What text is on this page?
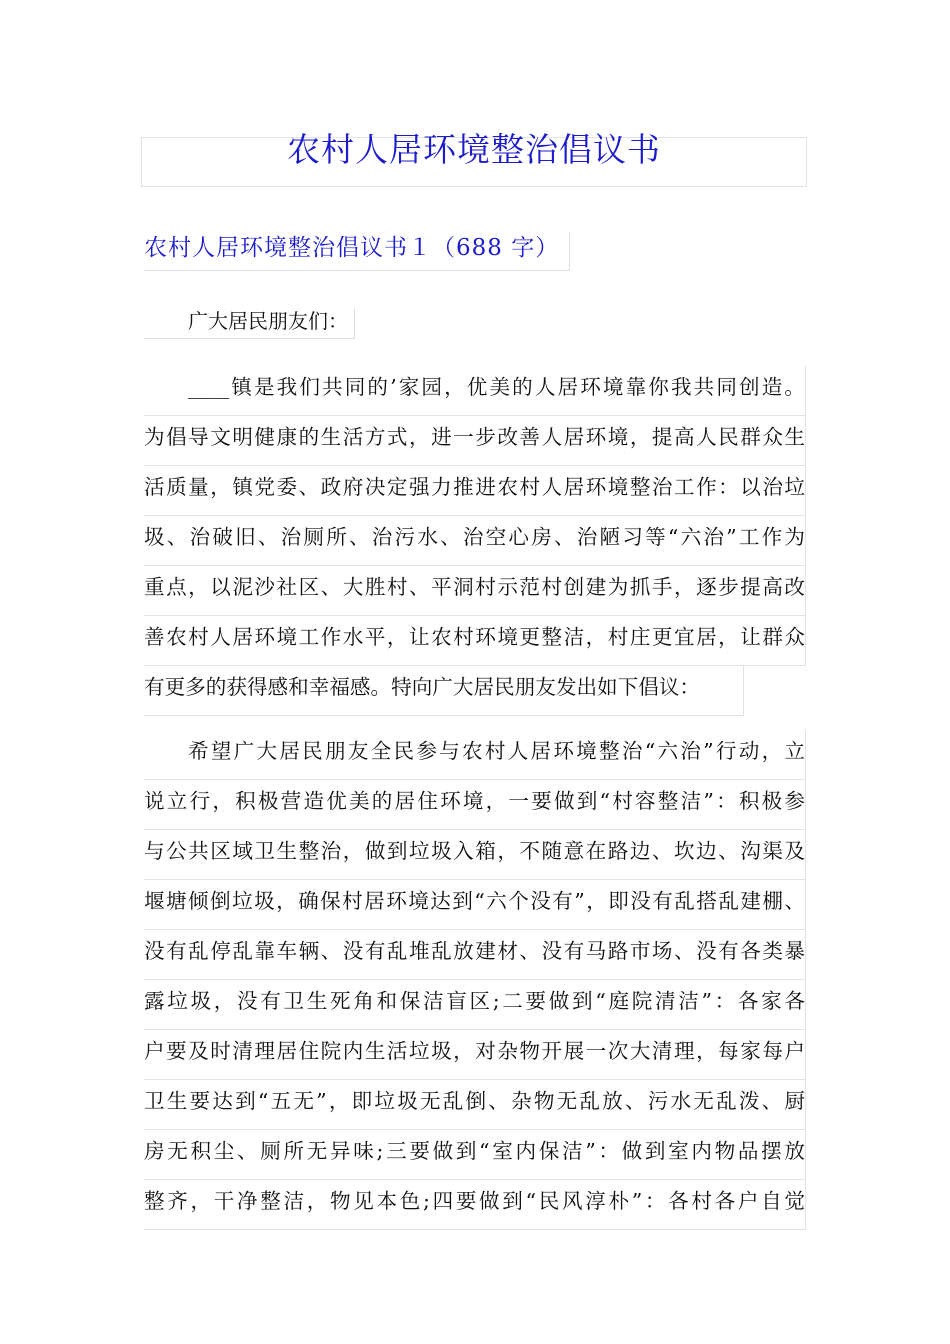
农村人居环境整治倡议书
农村人居环境整治倡议书１（688 字）
广大居民朋友们：
____镇是我们共同的’家园，优美的人居环境靠你我共同创造。
为倡导文明健康的生活方式，进一步改善人居环境，提高人民群众生
活质量，镇党委、政府决定强力推进农村人居环境整治工作：以治垃
圾、治破旧、治厕所、治污水、治空心房、治陋习等“六治”工作为
重点，以泥沙社区、大胜村、平洞村示范村创建为抓手，逐步提高改
善农村人居环境工作水平，让农村环境更整洁，村庄更宜居，让群众
有更多的获得感和幸福感。特向广大居民朋友发出如下倡议：
希望广大居民朋友全民参与农村人居环境整治“六治”行动，立
说立行，积极营造优美的居住环境，一要做到“村容整洁”：积极参
与公共区域卫生整治，做到垃圾入箱，不随意在路边、坎边、沟渠及
堰塘倾倒垃圾，确保村居环境达到“六个没有”，即没有乱搭乱建棚、
没有乱停乱靠车辆、没有乱堆乱放建材、没有马路市场、没有各类暴
露垃圾，没有卫生死角和保洁盲区;二要做到“庭院清洁”：各家各
户要及时清理居住院内生活垃圾，对杂物开展一次大清理，每家每户
卫生要达到“五无”，即垃圾无乱倒、杂物无乱放、污水无乱泼、厨
房无积尘、厕所无异味;三要做到“室内保洁”：做到室内物品摆放
整齐，干净整洁，物见本色;四要做到“民风淳朴”：各村各户自觉
